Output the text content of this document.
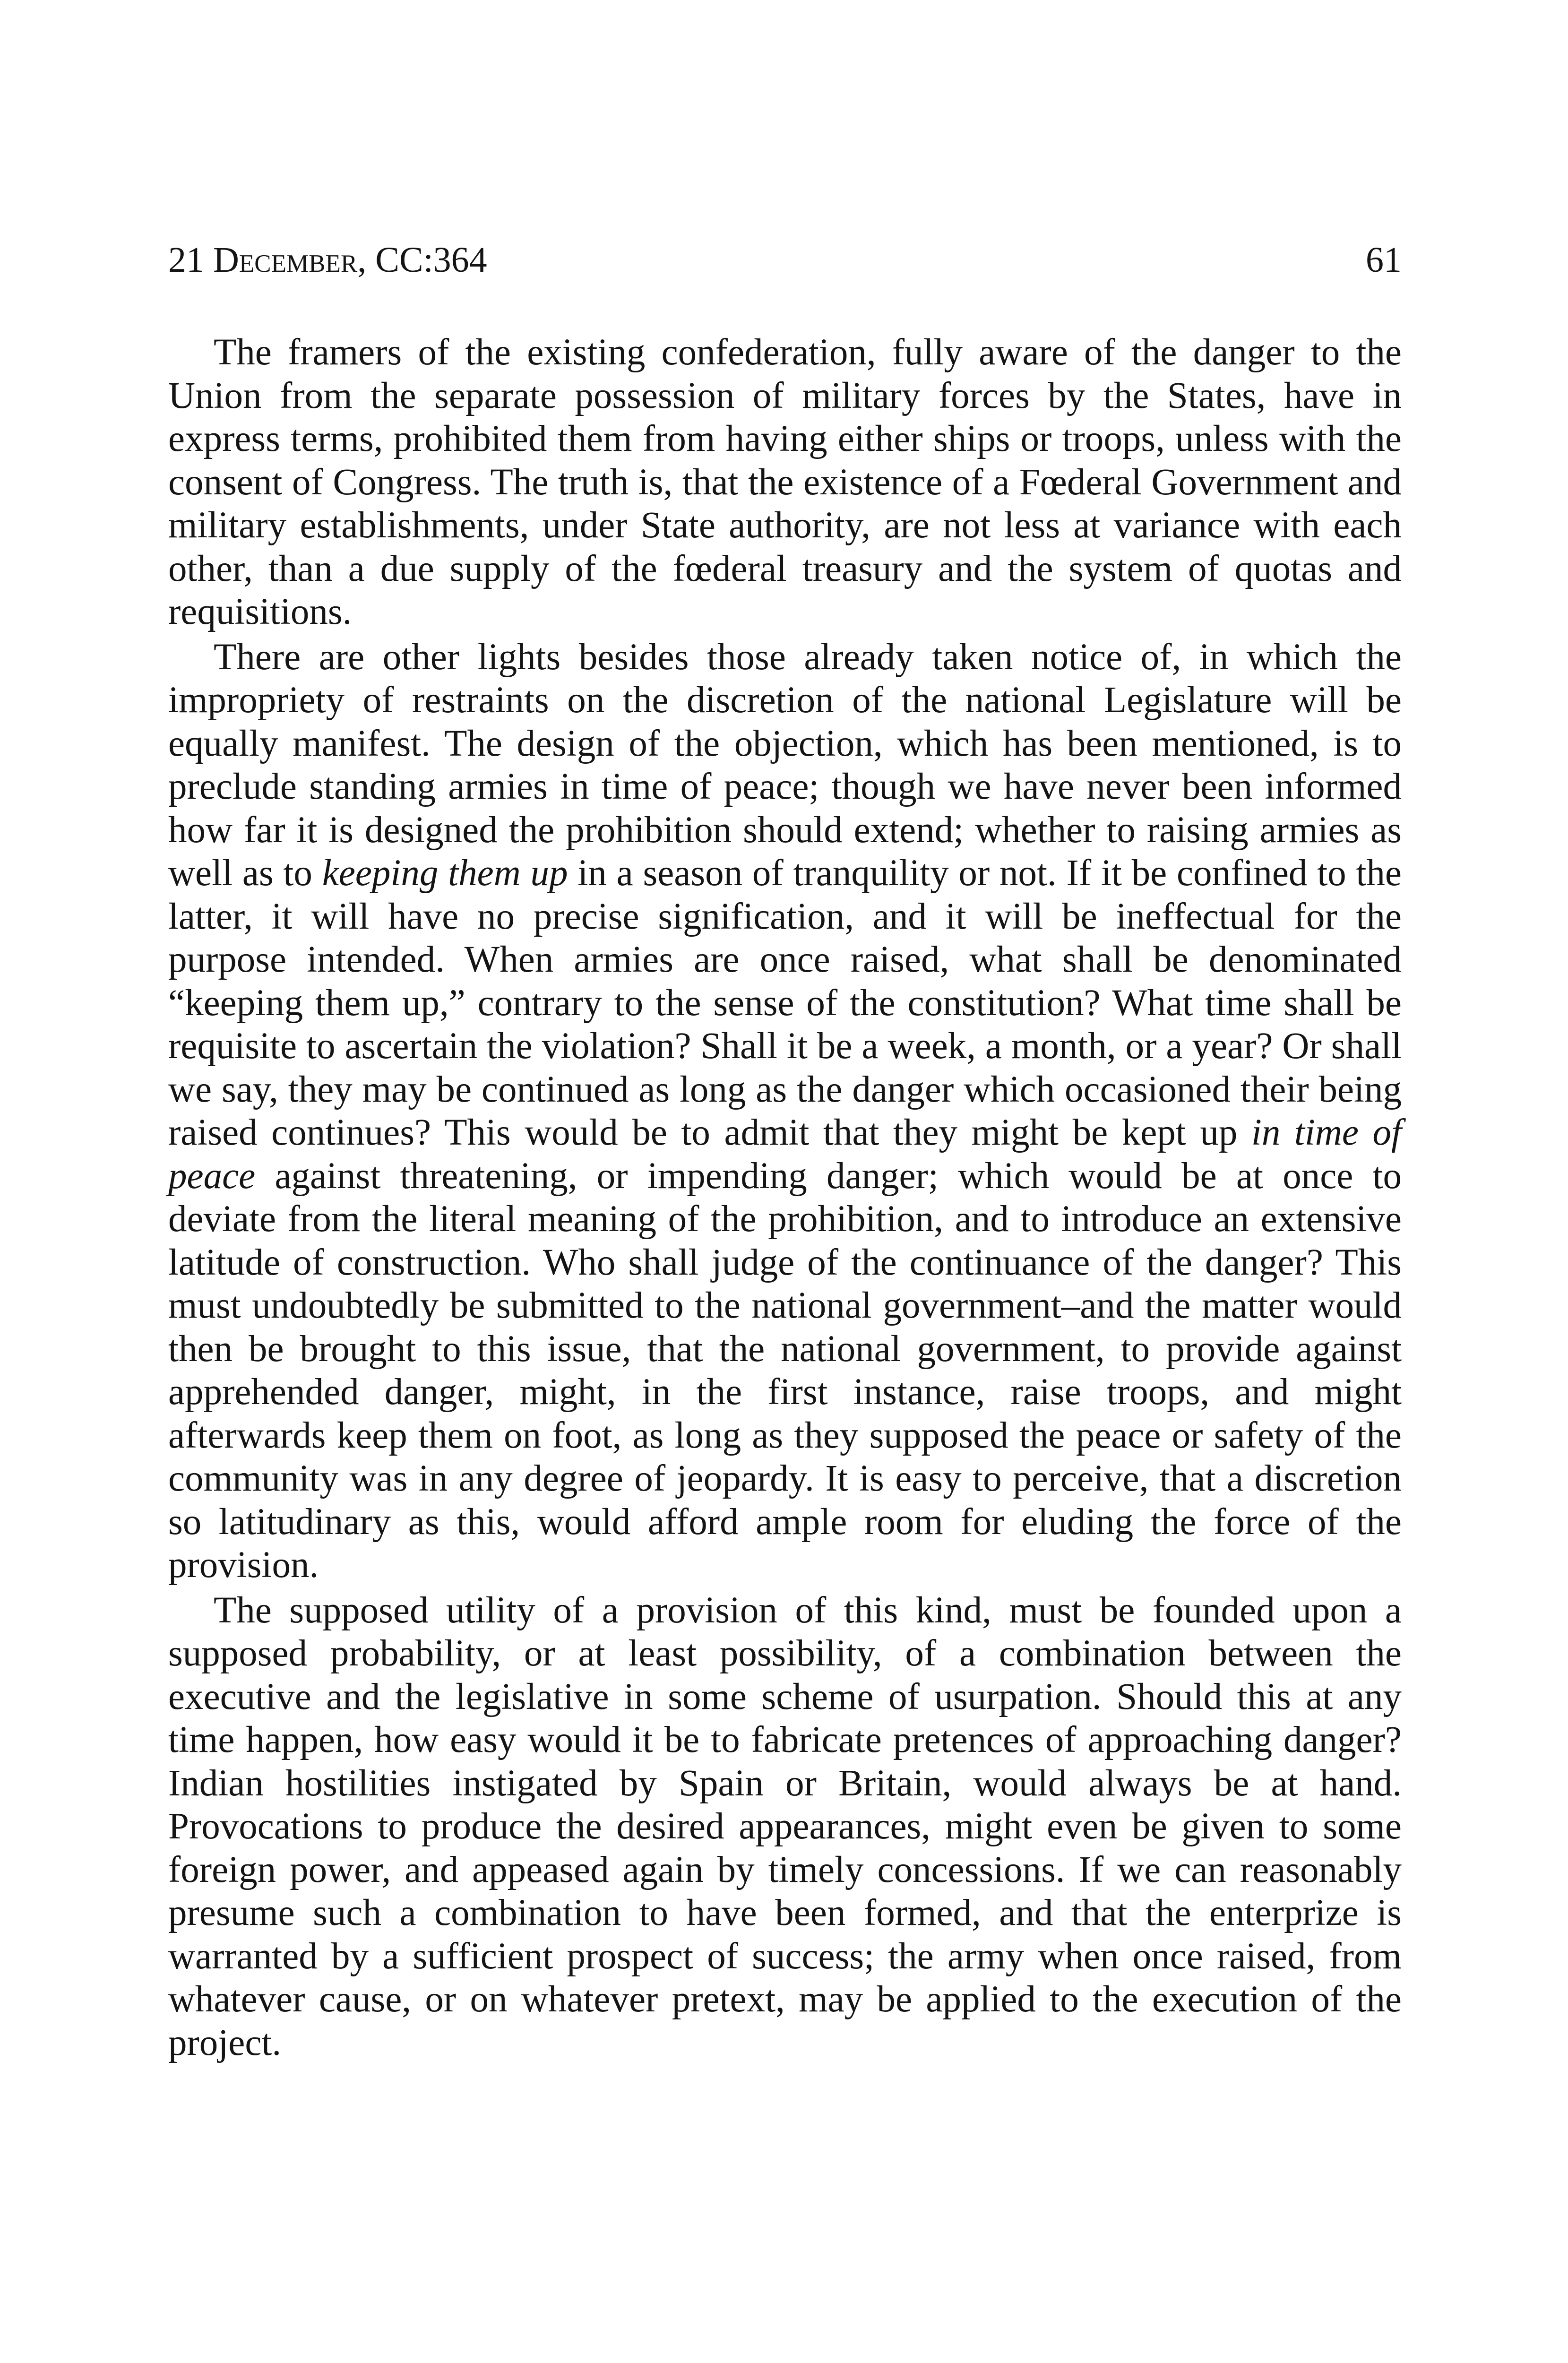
21 December, CC:364	61

The framers of the existing confederation, fully aware of the danger to the Union from the separate possession of military forces by the States, have in express terms, prohibited them from having either ships or troops, unless with the consent of Congress. The truth is, that the existence of a Fœderal Government and military establishments, under State authority, are not less at variance with each other, than a due supply of the fœderal treasury and the system of quotas and requisitions.

There are other lights besides those already taken notice of, in which the impropriety of restraints on the discretion of the national Legislature will be equally manifest. The design of the objection, which has been mentioned, is to preclude standing armies in time of peace; though we have never been informed how far it is designed the prohibition should extend; whether to raising armies as well as to keeping them up in a season of tranquility or not. If it be confined to the latter, it will have no precise signification, and it will be ineffectual for the purpose intended. When armies are once raised, what shall be denominated “keeping them up,” contrary to the sense of the constitution? What time shall be requisite to ascertain the violation? Shall it be a week, a month, or a year? Or shall we say, they may be continued as long as the danger which occasioned their being raised continues? This would be to admit that they might be kept up in time of peace against threatening, or impending danger; which would be at once to deviate from the literal meaning of the prohibition, and to introduce an extensive latitude of construction. Who shall judge of the continuance of the danger? This must undoubtedly be submitted to the national government–and the matter would then be brought to this issue, that the national government, to provide against apprehended danger, might, in the first instance, raise troops, and might afterwards keep them on foot, as long as they supposed the peace or safety of the community was in any degree of jeopardy. It is easy to perceive, that a discretion so latitudinary as this, would afford ample room for eluding the force of the provision.

The supposed utility of a provision of this kind, must be founded upon a supposed probability, or at least possibility, of a combination between the executive and the legislative in some scheme of usurpation. Should this at any time happen, how easy would it be to fabricate pretences of approaching danger? Indian hostilities instigated by Spain or Britain, would always be at hand. Provocations to produce the desired appearances, might even be given to some foreign power, and appeased again by timely concessions. If we can reasonably presume such a combination to have been formed, and that the enterprize is warranted by a sufficient prospect of success; the army when once raised, from whatever cause, or on whatever pretext, may be applied to the execution of the project.
